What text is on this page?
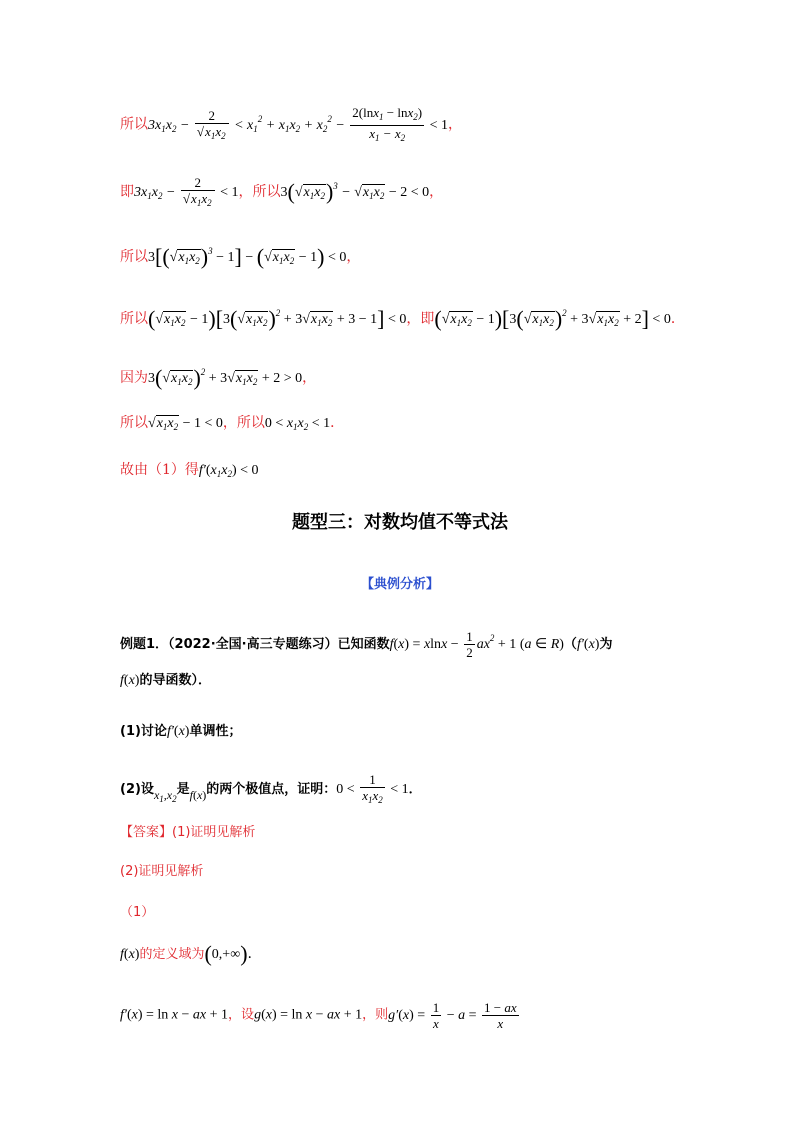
所以$3x_1x_2 - \frac{2}{√x_1x_2} < x_1^2 + x_1x_2 + x_2^2 - \frac{2(\ln x_1 - \ln x_2)}{x_1 - x_2} < 1$，
即$3x_1x_2 - \frac{2}{√x_1x_2} < 1$，所以$3(√x_1x_2)^3 - √x_1x_2 - 2 < 0$，
所以$3[(√x_1x_2)^3 - 1] - (√x_1x_2 - 1) < 0$，
所以$(√x_1x_2 - 1)[3(√x_1x_2)^2 + 3√x_1x_2 + 3 - 1] < 0$，即$(√x_1x_2 - 1)[3(√x_1x_2)^2 + 3√x_1x_2 + 2] < 0$．
因为$3(√x_1x_2)^2 + 3√x_1x_2 + 2 > 0$，
所以$√x_1x_2 - 1 < 0$，所以$0 < x_1x_2 < 1$．
故由（1）得$f'(x_1x_2) < 0$
题型三：对数均值不等式法
【典例分析】
例题1．（2022·全国·高三专题练习）已知函数$f(x) = xlnx - \frac{1}{2} ax^2 + 1$ (a ∈ R)（f′(x)为
f(x)的导函数）．
(1)讨论f′(x)单调性；
(2)设$x_1,x_2$是f(x)的两个极值点，证明：$0 < \frac{1}{x_1x_2} < 1$．
【答案】(1)证明见解析
(2)证明见解析
（1）
f(x)的定义域为(0,+∞).
f′(x) = ln x − ax + 1，设g(x) = ln x − ax + 1，则$g'(x) = \frac{1}{x} - a = \frac{1 - ax}{x}$
